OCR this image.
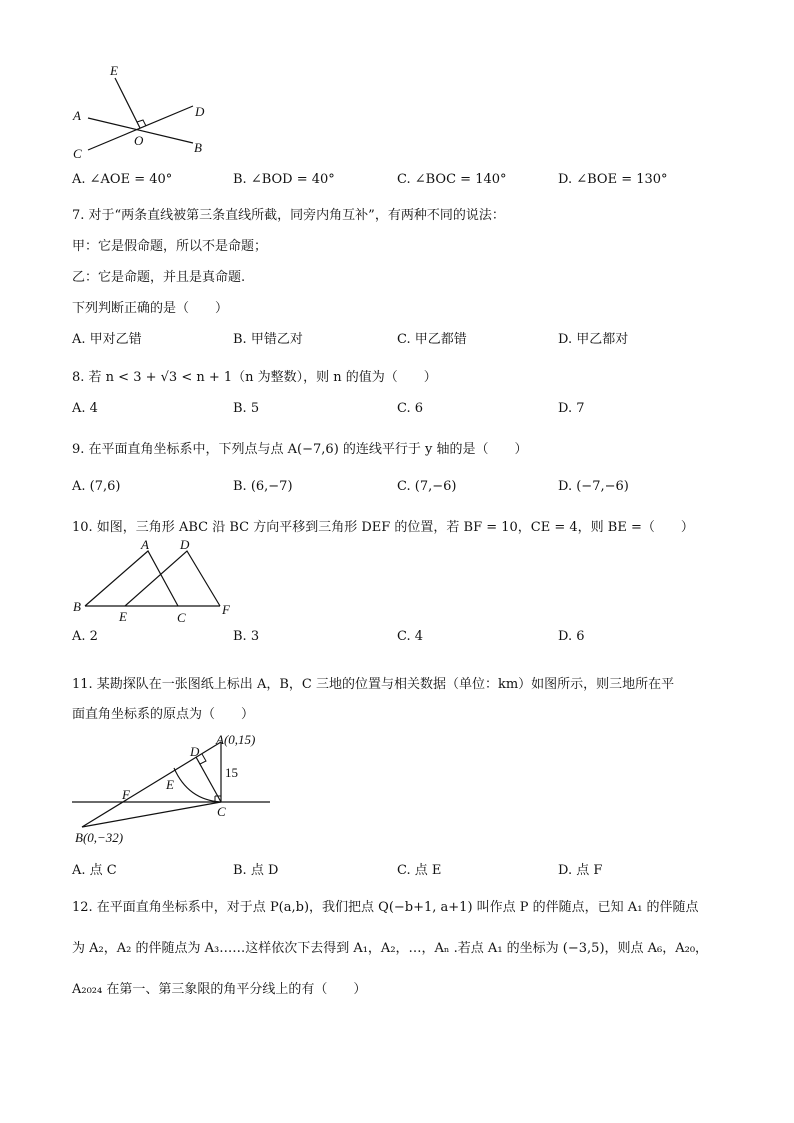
E
A	D
O
C	B
A. ∠AOE = 40°	B. ∠BOD = 40°	C. ∠BOC = 140°	D. ∠BOE = 130°
7. 对于“两条直线被第三条直线所截，同旁内角互补”，有两种不同的说法：
甲：它是假命题，所以不是命题；
乙：它是命题，并且是真命题.
下列判断正确的是（　　）
A. 甲对乙错	B. 甲错乙对	C. 甲乙都错	D. 甲乙都对
8. 若 n < 3 + √3 < n + 1（n 为整数），则 n 的值为（　　）
A. 4	B. 5	C. 6	D. 7
9. 在平面直角坐标系中，下列点与点 A(−7,6) 的连线平行于 y 轴的是（　　）
A. (7,6)	B. (6,−7)	C. (7,−6)	D. (−7,−6)
10. 如图，三角形 ABC 沿 BC 方向平移到三角形 DEF 的位置，若 BF = 10，CE = 4，则 BE =（　　）
A D
B
E	C
F
A. 2	B. 3	C. 4	D. 6
11. 某勘探队在一张图纸上标出 A，B，C 三地的位置与相关数据（单位：km）如图所示，则三地所在平
面直角坐标系的原点为（　　）
A(0,15)
15
D
E
F
C
B(0,−32)
A. 点 C	B. 点 D	C. 点 E	D. 点 F
12. 在平面直角坐标系中，对于点 P(a,b)，我们把点 Q(−b+1, a+1) 叫作点 P 的伴随点，已知 A₁ 的伴随点
为 A₂，A₂ 的伴随点为 A₃……这样依次下去得到 A₁，A₂，…，Aₙ .若点 A₁ 的坐标为 (−3,5)，则点 A₆，A₂₀，
A₂₀₂₄ 在第一、第三象限的角平分线上的有（　　）
